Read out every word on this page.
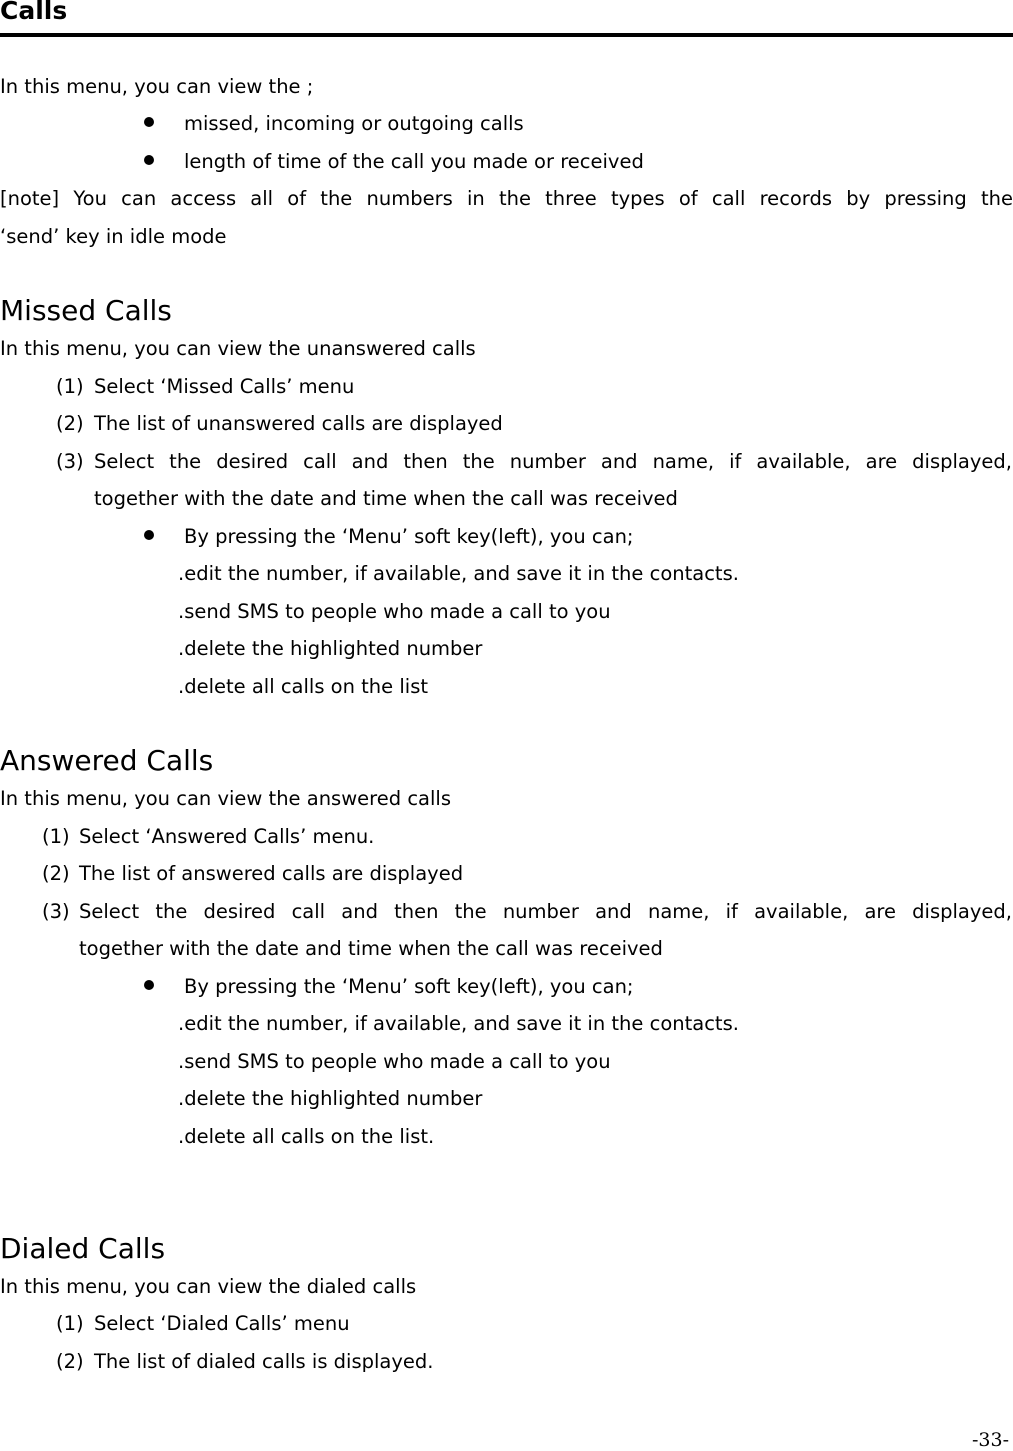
Calls
In this menu, you can view the ;
missed, incoming or outgoing calls
length of time of the call you made or received
[note] You can access all of the numbers in the three types of call records by pressing the
‘send’ key in idle mode
Missed Calls
In this menu, you can view the unanswered calls
(1) Select ‘Missed Calls’ menu
(2) The list of unanswered calls are displayed
(3) Select the desired call and then the number and name, if available, are displayed,
together with the date and time when the call was received
By pressing the ‘Menu’ soft key(left), you can;
.edit the number, if available, and save it in the contacts.
.send SMS to people who made a call to you
.delete the highlighted number
.delete all calls on the list
Answered Calls
In this menu, you can view the answered calls
(1) Select ‘Answered Calls’ menu.
(2) The list of answered calls are displayed
(3) Select the desired call and then the number and name, if available, are displayed,
together with the date and time when the call was received
By pressing the ‘Menu’ soft key(left), you can;
.edit the number, if available, and save it in the contacts.
.send SMS to people who made a call to you
.delete the highlighted number
.delete all calls on the list.
Dialed Calls
In this menu, you can view the dialed calls
(1) Select ‘Dialed Calls’ menu
(2) The list of dialed calls is displayed.
-33-
